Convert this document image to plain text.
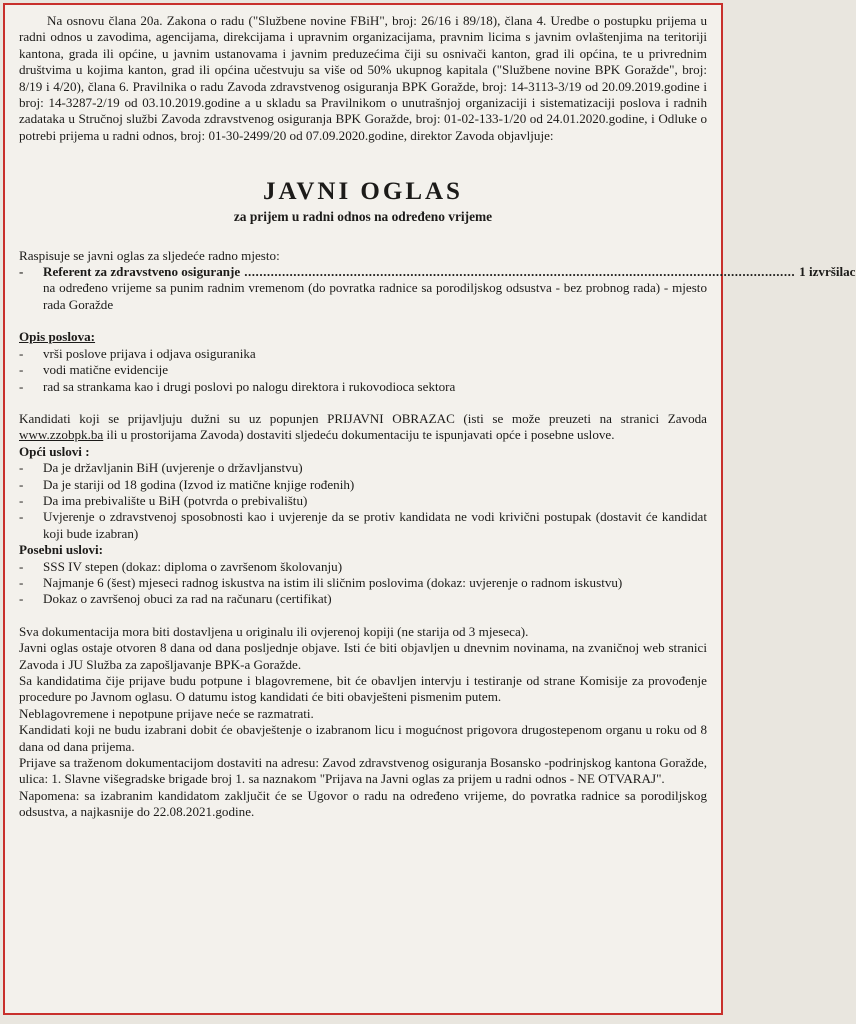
Na osnovu člana 20a. Zakona o radu ("Službene novine FBiH", broj: 26/16 i 89/18), člana 4. Uredbe o postupku prijema u radni odnos u zavodima, agencijama, direkcijama i upravnim organizacijama, pravnim licima s javnim ovlaštenjima na teritoriji kantona, grada ili općine, u javnim ustanovama i javnim preduzećima čiji su osnivači kanton, grad ili općina, te u privrednim društvima u kojima kanton, grad ili općina učestvuju sa više od 50% ukupnog kapitala ("Službene novine BPK Goražde", broj: 8/19 i 4/20), člana 6. Pravilnika o radu Zavoda zdravstvenog osiguranja BPK Goražde, broj: 14-3113-3/19 od 20.09.2019.godine i broj: 14-3287-2/19 od 03.10.2019.godine a u skladu sa Pravilnikom o unutrašnjoj organizaciji i sistematizaciji poslova i radnih zadataka u Stručnoj službi Zavoda zdravstvenog osiguranja BPK Goražde, broj: 01-02-133-1/20 od 24.01.2020.godine, i Odluke o potrebi prijema u radni odnos, broj: 01-30-2499/20 od 07.09.2020.godine, direktor Zavoda objavljuje:

JAVNI OGLAS

za prijem u radni odnos na određeno vrijeme

Raspisuje se javni oglas za sljedeće radno mjesto:

-	Referent za zdravstveno osiguranje .................................................................................................................................................. 1 izvršilac
na određeno vrijeme sa punim radnim vremenom (do povratka radnice sa porodiljskog odsustva - bez probnog rada) - mjesto rada Goražde

Opis poslova:

-	vrši poslove prijava i odjava osiguranika
-	vodi matične evidencije
-	rad sa strankama kao i drugi poslovi po nalogu direktora i rukovodioca sektora

Kandidati koji se prijavljuju dužni su uz popunjen PRIJAVNI OBRAZAC (isti se može preuzeti na stranici Zavoda www.zzobpk.ba ili u prostorijama Zavoda) dostaviti sljedeću dokumentaciju te ispunjavati opće i posebne uslove.

Opći uslovi :

-	Da je državljanin BiH (uvjerenje o državljanstvu)
-	Da je stariji od 18 godina (Izvod iz matične knjige rođenih)
-	Da ima prebivalište u BiH (potvrda o prebivalištu)
-	Uvjerenje o zdravstvenoj sposobnosti kao i uvjerenje da se protiv kandidata ne vodi krivični postupak (dostavit će kandidat koji bude izabran)

Posebni uslovi:

-	SSS IV stepen (dokaz: diploma o završenom školovanju)
-	Najmanje 6 (šest) mjeseci radnog iskustva na istim ili sličnim poslovima (dokaz: uvjerenje o radnom iskustvu)
-	Dokaz o završenoj obuci za rad na računaru (certifikat)

Sva dokumentacija mora biti dostavljena u originalu ili ovjerenoj kopiji (ne starija od 3 mjeseca).

Javni oglas ostaje otvoren 8 dana od dana posljednje objave. Isti će biti objavljen u dnevnim novinama, na zvaničnoj web stranici Zavoda i JU Služba za zapošljavanje BPK-a Goražde.

Sa kandidatima čije prijave budu potpune i blagovremene, bit će obavljen intervju i testiranje od strane Komisije za provođenje procedure po Javnom oglasu. O datumu istog kandidati će biti obavješteni pismenim putem.

Neblagovremene i nepotpune prijave neće se razmatrati.

Kandidati koji ne budu izabrani dobit će obavještenje o izabranom licu i mogućnost prigovora drugostepenom organu u roku od 8 dana od dana prijema.

Prijave sa traženom dokumentacijom dostaviti na adresu: Zavod zdravstvenog osiguranja Bosansko -podrinjskog kantona Goražde, ulica: 1. Slavne višegradske brigade broj 1. sa naznakom "Prijava na Javni oglas za prijem u radni odnos - NE OTVARAJ".

Napomena: sa izabranim kandidatom zaključit će se Ugovor o radu na određeno vrijeme, do povratka radnice sa porodiljskog odsustva, a najkasnije do 22.08.2021.godine.
